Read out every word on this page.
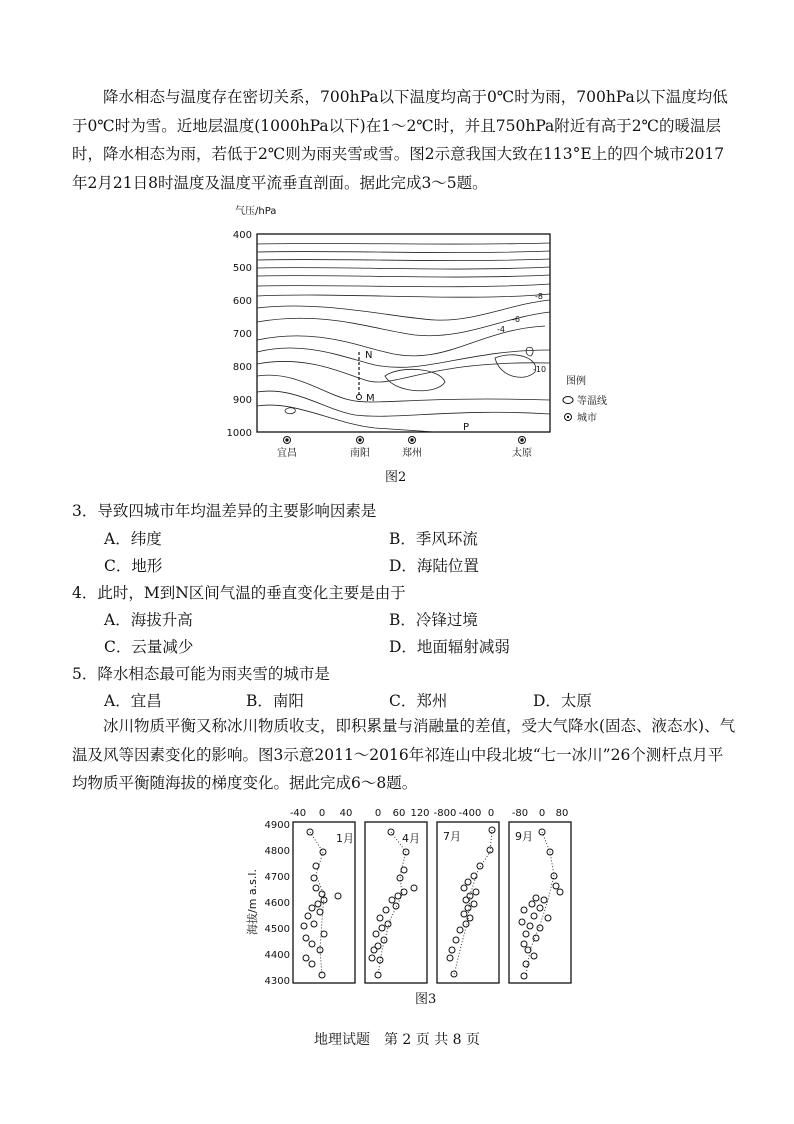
降水相态与温度存在密切关系，700hPa以下温度均高于0℃时为雨，700hPa以下温度均低于0℃时为雪。近地层温度(1000hPa以下)在1～2℃时，并且750hPa附近有高于2℃的暖温层时，降水相态为雨，若低于2℃则为雨夹雪或雪。图2示意我国大致在113°E上的四个城市2017年2月21日8时温度及温度平流垂直剖面。据此完成3～5题。

气压/hPa
400
500
600
700
800
900
1000
-8
-6
-4
-10
N
M
P
宜昌	南阳	郑州	太原
图例
等温线
城市
图2
3．导致四城市年均温差异的主要影响因素是
A．纬度	B．季风环流
C．地形	D．海陆位置
4．此时，M到N区间气温的垂直变化主要是由于
A．海拔升高	B．冷锋过境
C．云量减少	D．地面辐射减弱
5．降水相态最可能为雨夹雪的城市是
A．宜昌	B．南阳	C．郑州	D．太原

冰川物质平衡又称冰川物质收支，即积累量与消融量的差值，受大气降水(固态、液态水)、气温及风等因素变化的影响。图3示意2011～2016年祁连山中段北坡“七一冰川”26个测杆点月平均物质平衡随海拔的梯度变化。据此完成6～8题。

海拔/m a.s.l.
4900
4800
4700
4600
4500
4400
4300
-40 0 40
1月
0 60 120
4月
-800 -400 0
7月
-80 0 80
9月
图3
地理试题　第 2 页 共 8 页
